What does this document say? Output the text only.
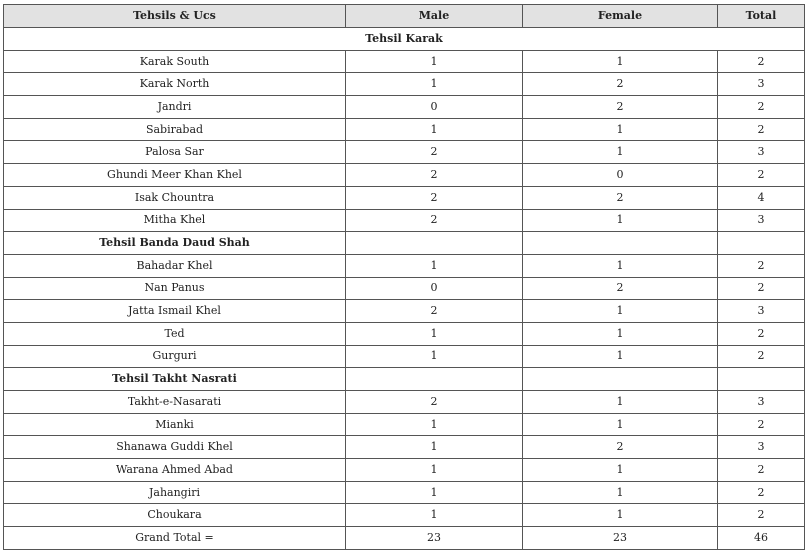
Tehsils & Ucs	Male	Female	Total
Tehsil Karak			
Karak South	1	1	2
Karak North	1	2	3
Jandri	0	2	2
Sabirabad	1	1	2
Palosa Sar	2	1	3
Ghundi Meer Khan Khel	2	0	2
Isak Chountra	2	2	4
Mitha Khel	2	1	3
Tehsil Banda Daud Shah			
Bahadar Khel	1	1	2
Nan Panus	0	2	2
Jatta Ismail Khel	2	1	3
Ted	1	1	2
Gurguri	1	1	2
Tehsil Takht Nasrati			
Takht-e-Nasarati	2	1	3
Mianki	1	1	2
Shanawa Guddi Khel	1	2	3
Warana Ahmed Abad	1	1	2
Jahangiri	1	1	2
Choukara	1	1	2
Grand Total =	23	23	46
